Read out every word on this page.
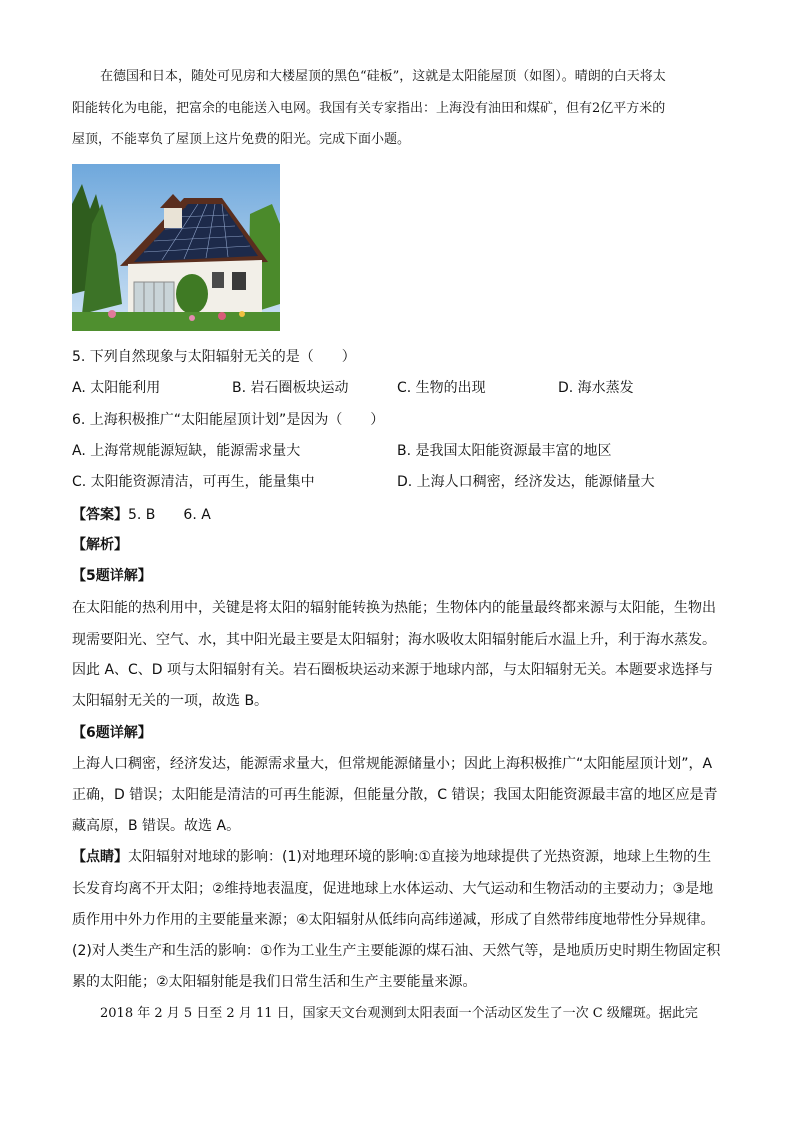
在德国和日本，随处可见房和大楼屋顶的黑色“硅板”，这就是太阳能屋顶（如图）。晴朗的白天将太
阳能转化为电能，把富余的电能送入电网。我国有关专家指出：上海没有油田和煤矿，但有2亿平方米的
屋顶，不能辜负了屋顶上这片免费的阳光。完成下面小题。
5. 下列自然现象与太阳辐射无关的是（　　）
A. 太阳能利用	B. 岩石圈板块运动	C. 生物的出现	D. 海水蒸发
6. 上海积极推广“太阳能屋顶计划”是因为（　　）
A. 上海常规能源短缺，能源需求量大	B. 是我国太阳能资源最丰富的地区
C. 太阳能资源清洁，可再生，能量集中	D. 上海人口稠密，经济发达，能源储量大
【答案】5. B　　6. A
【解析】
【5题详解】
在太阳能的热利用中，关键是将太阳的辐射能转换为热能；生物体内的能量最终都来源与太阳能，生物出
现需要阳光、空气、水，其中阳光最主要是太阳辐射；海水吸收太阳辐射能后水温上升，利于海水蒸发。
因此 A、C、D 项与太阳辐射有关。岩石圈板块运动来源于地球内部，与太阳辐射无关。本题要求选择与
太阳辐射无关的一项，故选 B。
【6题详解】
上海人口稠密，经济发达，能源需求量大，但常规能源储量小；因此上海积极推广“太阳能屋顶计划”，A
正确，D 错误；太阳能是清洁的可再生能源，但能量分散，C 错误；我国太阳能资源最丰富的地区应是青
藏高原，B 错误。故选 A。
【点睛】太阳辐射对地球的影响：(1)对地理环境的影响:①直接为地球提供了光热资源，地球上生物的生
长发育均离不开太阳；②维持地表温度，促进地球上水体运动、大气运动和生物活动的主要动力；③是地
质作用中外力作用的主要能量来源；④太阳辐射从低纬向高纬递减，形成了自然带纬度地带性分异规律。
(2)对人类生产和生活的影响：①作为工业生产主要能源的煤石油、天然气等，是地质历史时期生物固定积
累的太阳能；②太阳辐射能是我们日常生活和生产主要能量来源。
2018 年 2 月 5 日至 2 月 11 日，国家天文台观测到太阳表面一个活动区发生了一次 C 级耀斑。据此完
